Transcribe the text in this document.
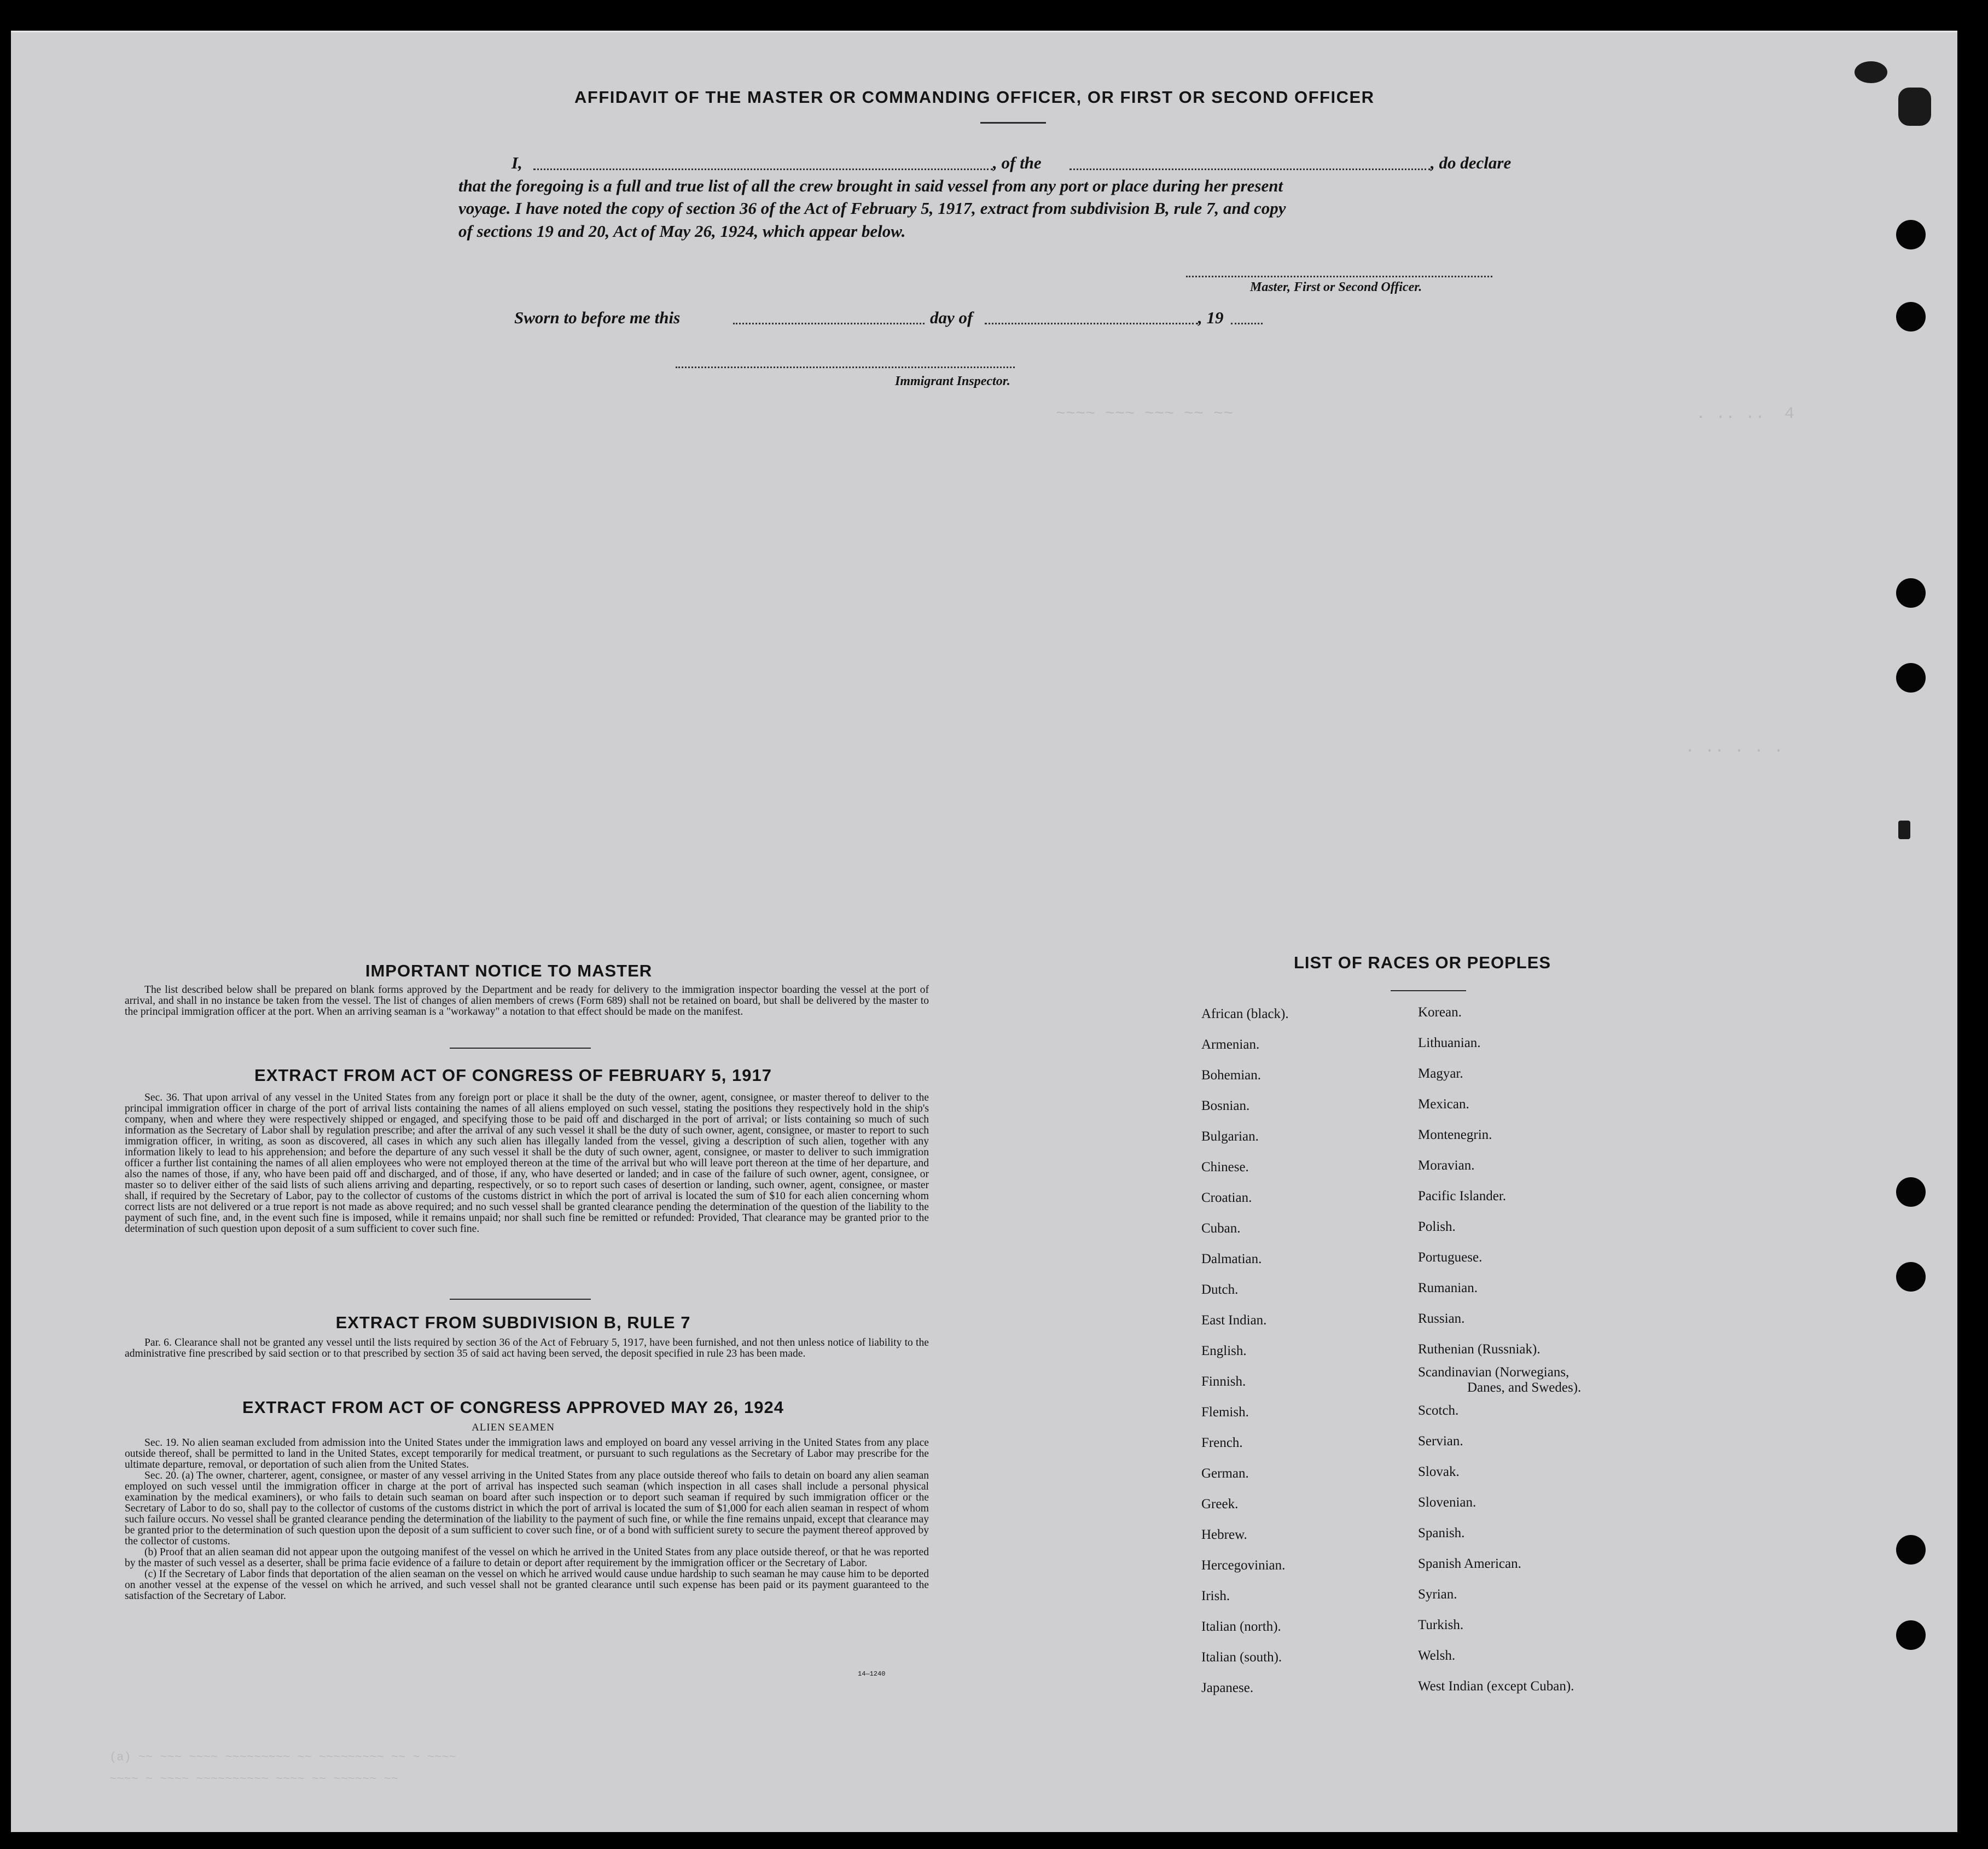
. .. ..  4
~~~~ ~~~ ~~~ ~~ ~~
. .. . . .
AFFIDAVIT OF THE MASTER OR COMMANDING OFFICER, OR FIRST OR SECOND OFFICER
I,	, of the	, do declare
that the foregoing is a full and true list of all the crew brought in said vessel from any port or place during her present
voyage. I have noted the copy of section 36 of the Act of February 5, 1917, extract from subdivision B, rule 7, and copy
of sections 19 and 20, Act of May 26, 1924, which appear below.
Master, First or Second Officer.
Sworn to before me this	day of	, 19
Immigrant Inspector.
IMPORTANT NOTICE TO MASTER

The list described below shall be prepared on blank forms approved by the Department and be ready for delivery to the immigration inspector boarding the vessel at the port of arrival, and shall in no instance be taken from the vessel. The list of changes of alien members of crews (Form 689) shall not be retained on board, but shall be delivered by the master to the principal immigration officer at the port. When an arriving seaman is a "workaway" a notation to that effect should be made on the manifest.

EXTRACT FROM ACT OF CONGRESS OF FEBRUARY 5, 1917

Sec. 36. That upon arrival of any vessel in the United States from any foreign port or place it shall be the duty of the owner, agent, consignee, or master thereof to deliver to the principal immigration officer in charge of the port of arrival lists containing the names of all aliens employed on such vessel, stating the positions they respectively hold in the ship's company, when and where they were respectively shipped or engaged, and specifying those to be paid off and discharged in the port of arrival; or lists containing so much of such information as the Secretary of Labor shall by regulation prescribe; and after the arrival of any such vessel it shall be the duty of such owner, agent, consignee, or master to report to such immigration officer, in writing, as soon as discovered, all cases in which any such alien has illegally landed from the vessel, giving a description of such alien, together with any information likely to lead to his apprehension; and before the departure of any such vessel it shall be the duty of such owner, agent, consignee, or master to deliver to such immigration officer a further list containing the names of all alien employees who were not employed thereon at the time of the arrival but who will leave port thereon at the time of her departure, and also the names of those, if any, who have been paid off and discharged, and of those, if any, who have deserted or landed; and in case of the failure of such owner, agent, consignee, or master so to deliver either of the said lists of such aliens arriving and departing, respectively, or so to report such cases of desertion or landing, such owner, agent, consignee, or master shall, if required by the Secretary of Labor, pay to the collector of customs of the customs district in which the port of arrival is located the sum of $10 for each alien concerning whom correct lists are not delivered or a true report is not made as above required; and no such vessel shall be granted clearance pending the determination of the question of the liability to the payment of such fine, and, in the event such fine is imposed, while it remains unpaid; nor shall such fine be remitted or refunded: Provided, That clearance may be granted prior to the determination of such question upon deposit of a sum sufficient to cover such fine.

EXTRACT FROM SUBDIVISION B, RULE 7

Par. 6. Clearance shall not be granted any vessel until the lists required by section 36 of the Act of February 5, 1917, have been furnished, and not then unless notice of liability to the administrative fine prescribed by said section or to that prescribed by section 35 of said act having been served, the deposit specified in rule 23 has been made.

EXTRACT FROM ACT OF CONGRESS APPROVED MAY 26, 1924
ALIEN SEAMEN

Sec. 19. No alien seaman excluded from admission into the United States under the immigration laws and employed on board any vessel arriving in the United States from any place outside thereof, shall be permitted to land in the United States, except temporarily for medical treatment, or pursuant to such regulations as the Secretary of Labor may prescribe for the ultimate departure, removal, or deportation of such alien from the United States.

Sec. 20. (a) The owner, charterer, agent, consignee, or master of any vessel arriving in the United States from any place outside thereof who fails to detain on board any alien seaman employed on such vessel until the immigration officer in charge at the port of arrival has inspected such seaman (which inspection in all cases shall include a personal physical examination by the medical examiners), or who fails to detain such seaman on board after such inspection or to deport such seaman if required by such immigration officer or the Secretary of Labor to do so, shall pay to the collector of customs of the customs district in which the port of arrival is located the sum of $1,000 for each alien seaman in respect of whom such failure occurs. No vessel shall be granted clearance pending the determination of the liability to the payment of such fine, or while the fine remains unpaid, except that clearance may be granted prior to the determination of such question upon the deposit of a sum sufficient to cover such fine, or of a bond with sufficient surety to secure the payment thereof approved by the collector of customs.

(b) Proof that an alien seaman did not appear upon the outgoing manifest of the vessel on which he arrived in the United States from any place outside thereof, or that he was reported by the master of such vessel as a deserter, shall be prima facie evidence of a failure to detain or deport after requirement by the immigration officer or the Secretary of Labor.

(c) If the Secretary of Labor finds that deportation of the alien seaman on the vessel on which he arrived would cause undue hardship to such seaman he may cause him to be deported on another vessel at the expense of the vessel on which he arrived, and such vessel shall not be granted clearance until such expense has been paid or its payment guaranteed to the satisfaction of the Secretary of Labor.

14—1240
LIST OF RACES OR PEOPLES
African (black).
Armenian.
Bohemian.
Bosnian.
Bulgarian.
Chinese.
Croatian.
Cuban.
Dalmatian.
Dutch.
East Indian.
English.
Finnish.
Flemish.
French.
German.
Greek.
Hebrew.
Hercegovinian.
Irish.
Italian (north).
Italian (south).
Japanese.
Korean.
Lithuanian.
Magyar.
Mexican.
Montenegrin.
Moravian.
Pacific Islander.
Polish.
Portuguese.
Rumanian.
Russian.
Ruthenian (Russniak).
Scandinavian (Norwegians,
Danes, and Swedes).
Scotch.
Servian.
Slovak.
Slovenian.
Spanish.
Spanish American.
Syrian.
Turkish.
Welsh.
West Indian (except Cuban).
(a) ~~ ~~~ ~~~~ ~~~~~~~~~ ~~ ~~~~~~~~~ ~~ ~ ~~~~
~~~~ ~ ~~~~ ~~~~~~~~~~ ~~~~ ~~ ~~~~~~ ~~
